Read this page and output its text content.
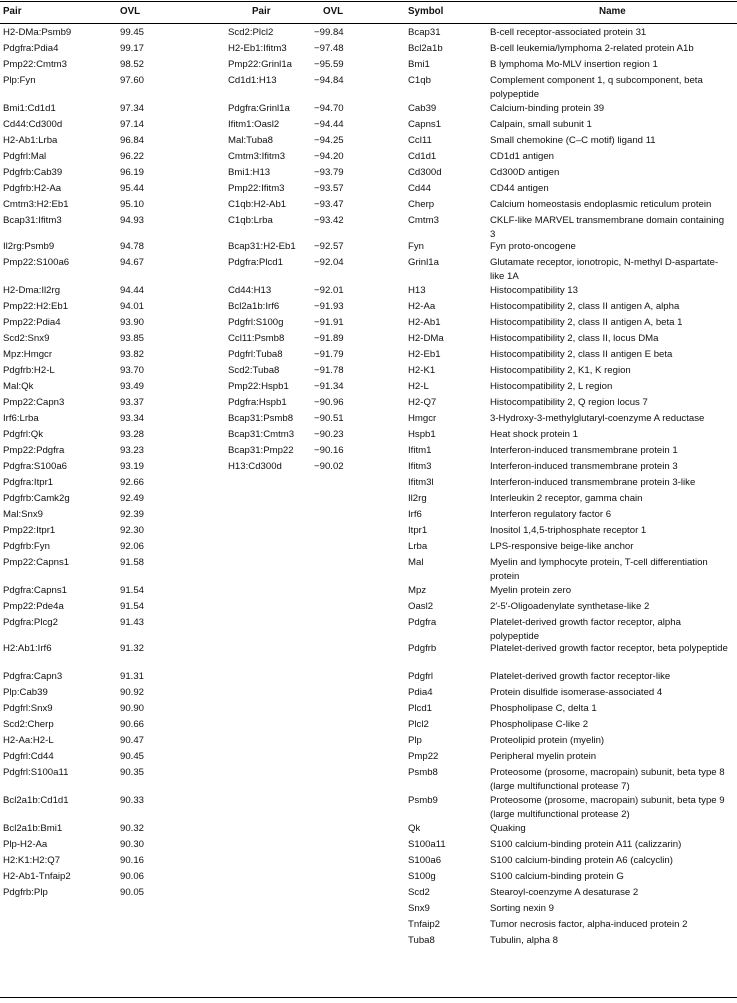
Pair	OVL	Pair	OVL	Symbol	Name
H2-DMa:Psmb9	99.45
Pdgfra:Pdia4	99.17
Pmp22:Cmtm3	98.52
Plp:Fyn	97.60
Bmi1:Cd1d1	97.34
Cd44:Cd300d	97.14
H2-Ab1:Lrba	96.84
Pdgfrl:Mal	96.22
Pdgfrb:Cab39	96.19
Pdgfrb:H2-Aa	95.44
Cmtm3:H2:Eb1	95.10
Bcap31:Ifitm3	94.93
Il2rg:Psmb9	94.78
Pmp22:S100a6	94.67
H2-Dma:Il2rg	94.44
Pmp22:H2:Eb1	94.01
Pmp22:Pdia4	93.90
Scd2:Snx9	93.85
Mpz:Hmgcr	93.82
Pdgfrb:H2-L	93.70
Mal:Qk	93.49
Pmp22:Capn3	93.37
Irf6:Lrba	93.34
Pdgfrl:Qk	93.28
Pmp22:Pdgfra	93.23
Pdgfra:S100a6	93.19
Pdgfra:Itpr1	92.66
Pdgfrb:Camk2g	92.49
Mal:Snx9	92.39
Pmp22:Itpr1	92.30
Pdgfrb:Fyn	92.06
Pmp22:Capns1	91.58
Pdgfra:Capns1	91.54
Pmp22:Pde4a	91.54
Pdgfra:Plcg2	91.43
H2:Ab1:Irf6	91.32
Pdgfra:Capn3	91.31
Plp:Cab39	90.92
Pdgfrl:Snx9	90.90
Scd2:Cherp	90.66
H2-Aa:H2-L	90.47
Pdgfrl:Cd44	90.45
Pdgfrl:S100a11	90.35
Bcl2a1b:Cd1d1	90.33
Bcl2a1b:Bmi1	90.32
Plp-H2-Aa	90.30
H2:K1:H2:Q7	90.16
H2-Ab1-Tnfaip2	90.06
Pdgfrb:Plp	90.05
Scd2:Plcl2	−99.84
H2-Eb1:Ifitm3	−97.48
Pmp22:Grinl1a −95.59
Cd1d1:H13	−94.84
Pdgfra:Grinl1a	−94.70
Ifitm1:Oasl2	−94.44
Mal:Tuba8	−94.25
Cmtm3:Ifitm3	−94.20
Bmi1:H13	−93.79
Pmp22:Ifitm3	−93.57
C1qb:H2-Ab1	−93.47
C1qb:Lrba	−93.42
Bcap31:H2-Eb1 −92.57
Pdgfra:Plcd1	−92.04
Cd44:H13	−92.01
Bcl2a1b:Irf6	−91.93
Pdgfrl:S100g	−91.91
Ccl11:Psmb8	−91.89
Pdgfrl:Tuba8	−91.79
Scd2:Tuba8	−91.78
Pmp22:Hspb1	−91.34
Pdgfra:Hspb1	−90.96
Bcap31:Psmb8 −90.51
Bcap31:Cmtm3 −90.23
Bcap31:Pmp22 −90.16
H13:Cd300d	−90.02
Bcap31	B-cell receptor-associated protein 31
Bcl2a1b	B-cell leukemia/lymphoma 2-related protein A1b
Bmi1	B lymphoma Mo-MLV insertion region 1
C1qb	Complement component 1, q subcomponent, beta polypeptide
Cab39	Calcium-binding protein 39
Capns1	Calpain, small subunit 1
Ccl11	Small chemokine (C–C motif) ligand 11
Cd1d1	CD1d1 antigen
Cd300d	Cd300D antigen
Cd44	CD44 antigen
Cherp	Calcium homeostasis endoplasmic reticulum protein
Cmtm3	CKLF-like MARVEL transmembrane domain containing 3
Fyn	Fyn proto-oncogene
Grinl1a	Glutamate receptor, ionotropic, N-methyl D-aspartate-like 1A
H13	Histocompatibility 13
H2-Aa	Histocompatibility 2, class II antigen A, alpha
H2-Ab1	Histocompatibility 2, class II antigen A, beta 1
H2-DMa	Histocompatibility 2, class II, locus DMa
H2-Eb1	Histocompatibility 2, class II antigen E beta
H2-K1	Histocompatibility 2, K1, K region
H2-L	Histocompatibility 2, L region
H2-Q7	Histocompatibility 2, Q region locus 7
Hmgcr	3-Hydroxy-3-methylglutaryl-coenzyme A reductase
Hspb1	Heat shock protein 1
Ifitm1	Interferon-induced transmembrane protein 1
Ifitm3	Interferon-induced transmembrane protein 3
Ifitm3l	Interferon-induced transmembrane protein 3-like
Il2rg	Interleukin 2 receptor, gamma chain
Irf6	Interferon regulatory factor 6
Itpr1	Inositol 1,4,5-triphosphate receptor 1
Lrba	LPS-responsive beige-like anchor
Mal	Myelin and lymphocyte protein, T-cell differentiation protein
Mpz	Myelin protein zero
Oasl2	2′-5′-Oligoadenylate synthetase-like 2
Pdgfra	Platelet-derived growth factor receptor, alpha polypeptide
Pdgfrb	Platelet-derived growth factor receptor, beta polypeptide
Pdgfrl	Platelet-derived growth factor receptor-like
Pdia4	Protein disulfide isomerase-associated 4
Plcd1	Phospholipase C, delta 1
Plcl2	Phospholipase C-like 2
Plp	Proteolipid protein (myelin)
Pmp22	Peripheral myelin protein
Psmb8	Proteosome (prosome, macropain) subunit, beta type 8 (large multifunctional protease 7)
Psmb9	Proteosome (prosome, macropain) subunit, beta type 9 (large multifunctional protease 2)
Qk	Quaking
S100a11	S100 calcium-binding protein A11 (calizzarin)
S100a6	S100 calcium-binding protein A6 (calcyclin)
S100g	S100 calcium-binding protein G
Scd2	Stearoyl-coenzyme A desaturase 2
Snx9	Sorting nexin 9
Tnfaip2	Tumor necrosis factor, alpha-induced protein 2
Tuba8	Tubulin, alpha 8
